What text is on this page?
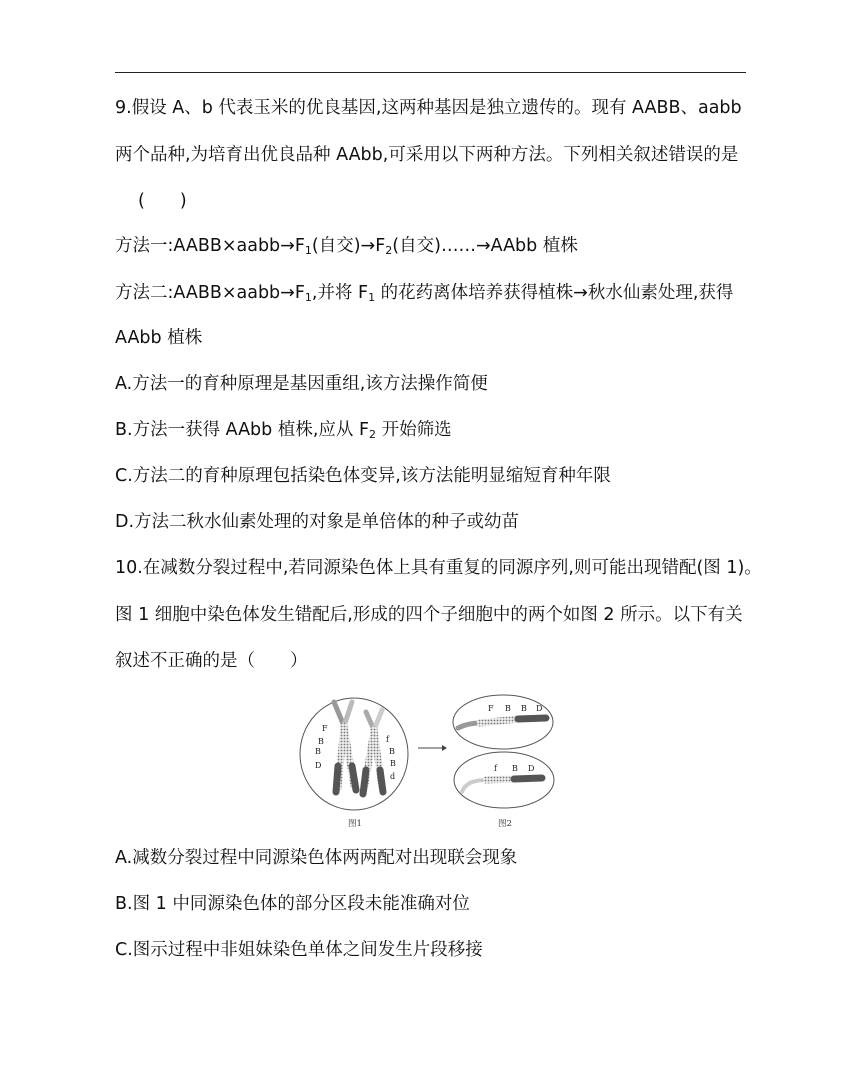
9.假设 A、b 代表玉米的优良基因,这两种基因是独立遗传的。现有 AABB、aabb
两个品种,为培育出优良品种 AAbb,可采用以下两种方法。下列相关叙述错误的是
(　　)
方法一$:AABB\times aabb\to F_1$(自交)$\to F_2$(自交)……→AAbb 植株
方法二$:AABB\times aabb\to F_1$,并将 $F_1$ 的花药离体培养获得植株→秋水仙素处理,获得
AAbb 植株
A.方法一的育种原理是基因重组,该方法操作简便
B.方法一获得 AAbb 植株,应从 $F_2$ 开始筛选
C.方法二的育种原理包括染色体变异,该方法能明显缩短育种年限
D.方法二秋水仙素处理的对象是单倍体的种子或幼苗
10.在减数分裂过程中,若同源染色体上具有重复的同源序列,则可能出现错配(图 1)。
图 1 细胞中染色体发生错配后,形成的四个子细胞中的两个如图 2 所示。以下有关
叙述不正确的是（　　）
F
B
B
D
f
B
B
d
F B B D
f B D
图1	图2
A.减数分裂过程中同源染色体两两配对出现联会现象
B.图 1 中同源染色体的部分区段未能准确对位
C.图示过程中非姐妹染色单体之间发生片段移接
